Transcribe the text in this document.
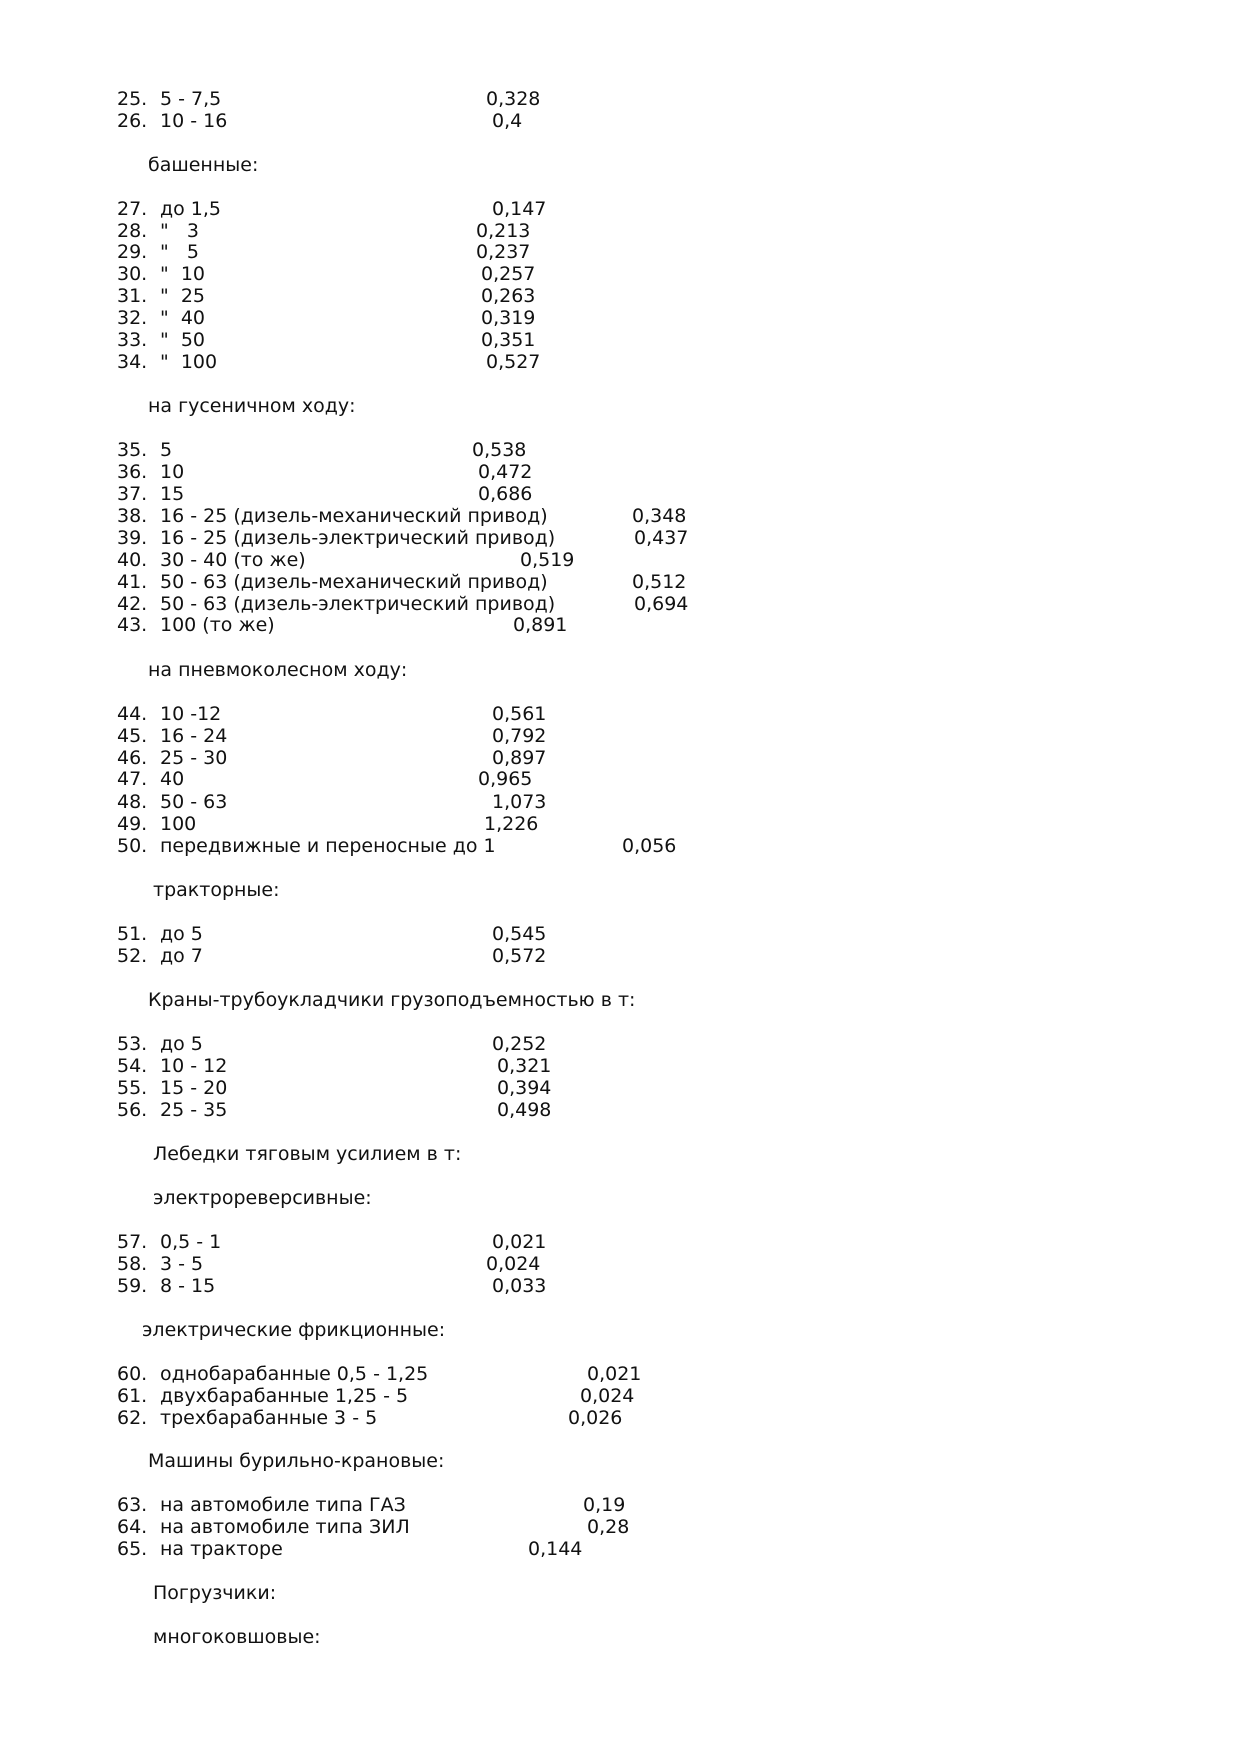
25. 5 - 7,5	0,328
26. 10 - 16	0,4
башенные:
27. до 1,5	0,147
28. "   3	0,213
29. "   5	0,237
30. "  10	0,257
31. "  25	0,263
32. "  40	0,319
33. "  50	0,351
34. "  100	0,527
на гусеничном ходу:
35. 5	0,538
36. 10	0,472
37. 15	0,686
38. 16 - 25 (дизель-механический привод)	0,348
39. 16 - 25 (дизель-электрический привод)	0,437
40. 30 - 40 (то же)	0,519
41. 50 - 63 (дизель-механический привод)	0,512
42. 50 - 63 (дизель-электрический привод)	0,694
43. 100 (то же)	0,891
на пневмоколесном ходу:
44. 10 -12	0,561
45. 16 - 24	0,792
46. 25 - 30	0,897
47. 40	0,965
48. 50 - 63	1,073
49. 100	1,226
50. передвижные и переносные до 1	0,056
тракторные:
51. до 5	0,545
52. до 7	0,572
Краны-трубоукладчики грузоподъемностью в т:
53. до 5	0,252
54. 10 - 12	0,321
55. 15 - 20	0,394
56. 25 - 35	0,498
Лебедки тяговым усилием в т:
электрореверсивные:
57. 0,5 - 1	0,021
58. 3 - 5	0,024
59. 8 - 15	0,033
электрические фрикционные:
60. однобарабанные 0,5 - 1,25	0,021
61. двухбарабанные 1,25 - 5	0,024
62. трехбарабанные 3 - 5	0,026
Машины бурильно-крановые:
63. на автомобиле типа ГАЗ	0,19
64. на автомобиле типа ЗИЛ	0,28
65. на тракторе	0,144
Погрузчики:
многоковшовые:
